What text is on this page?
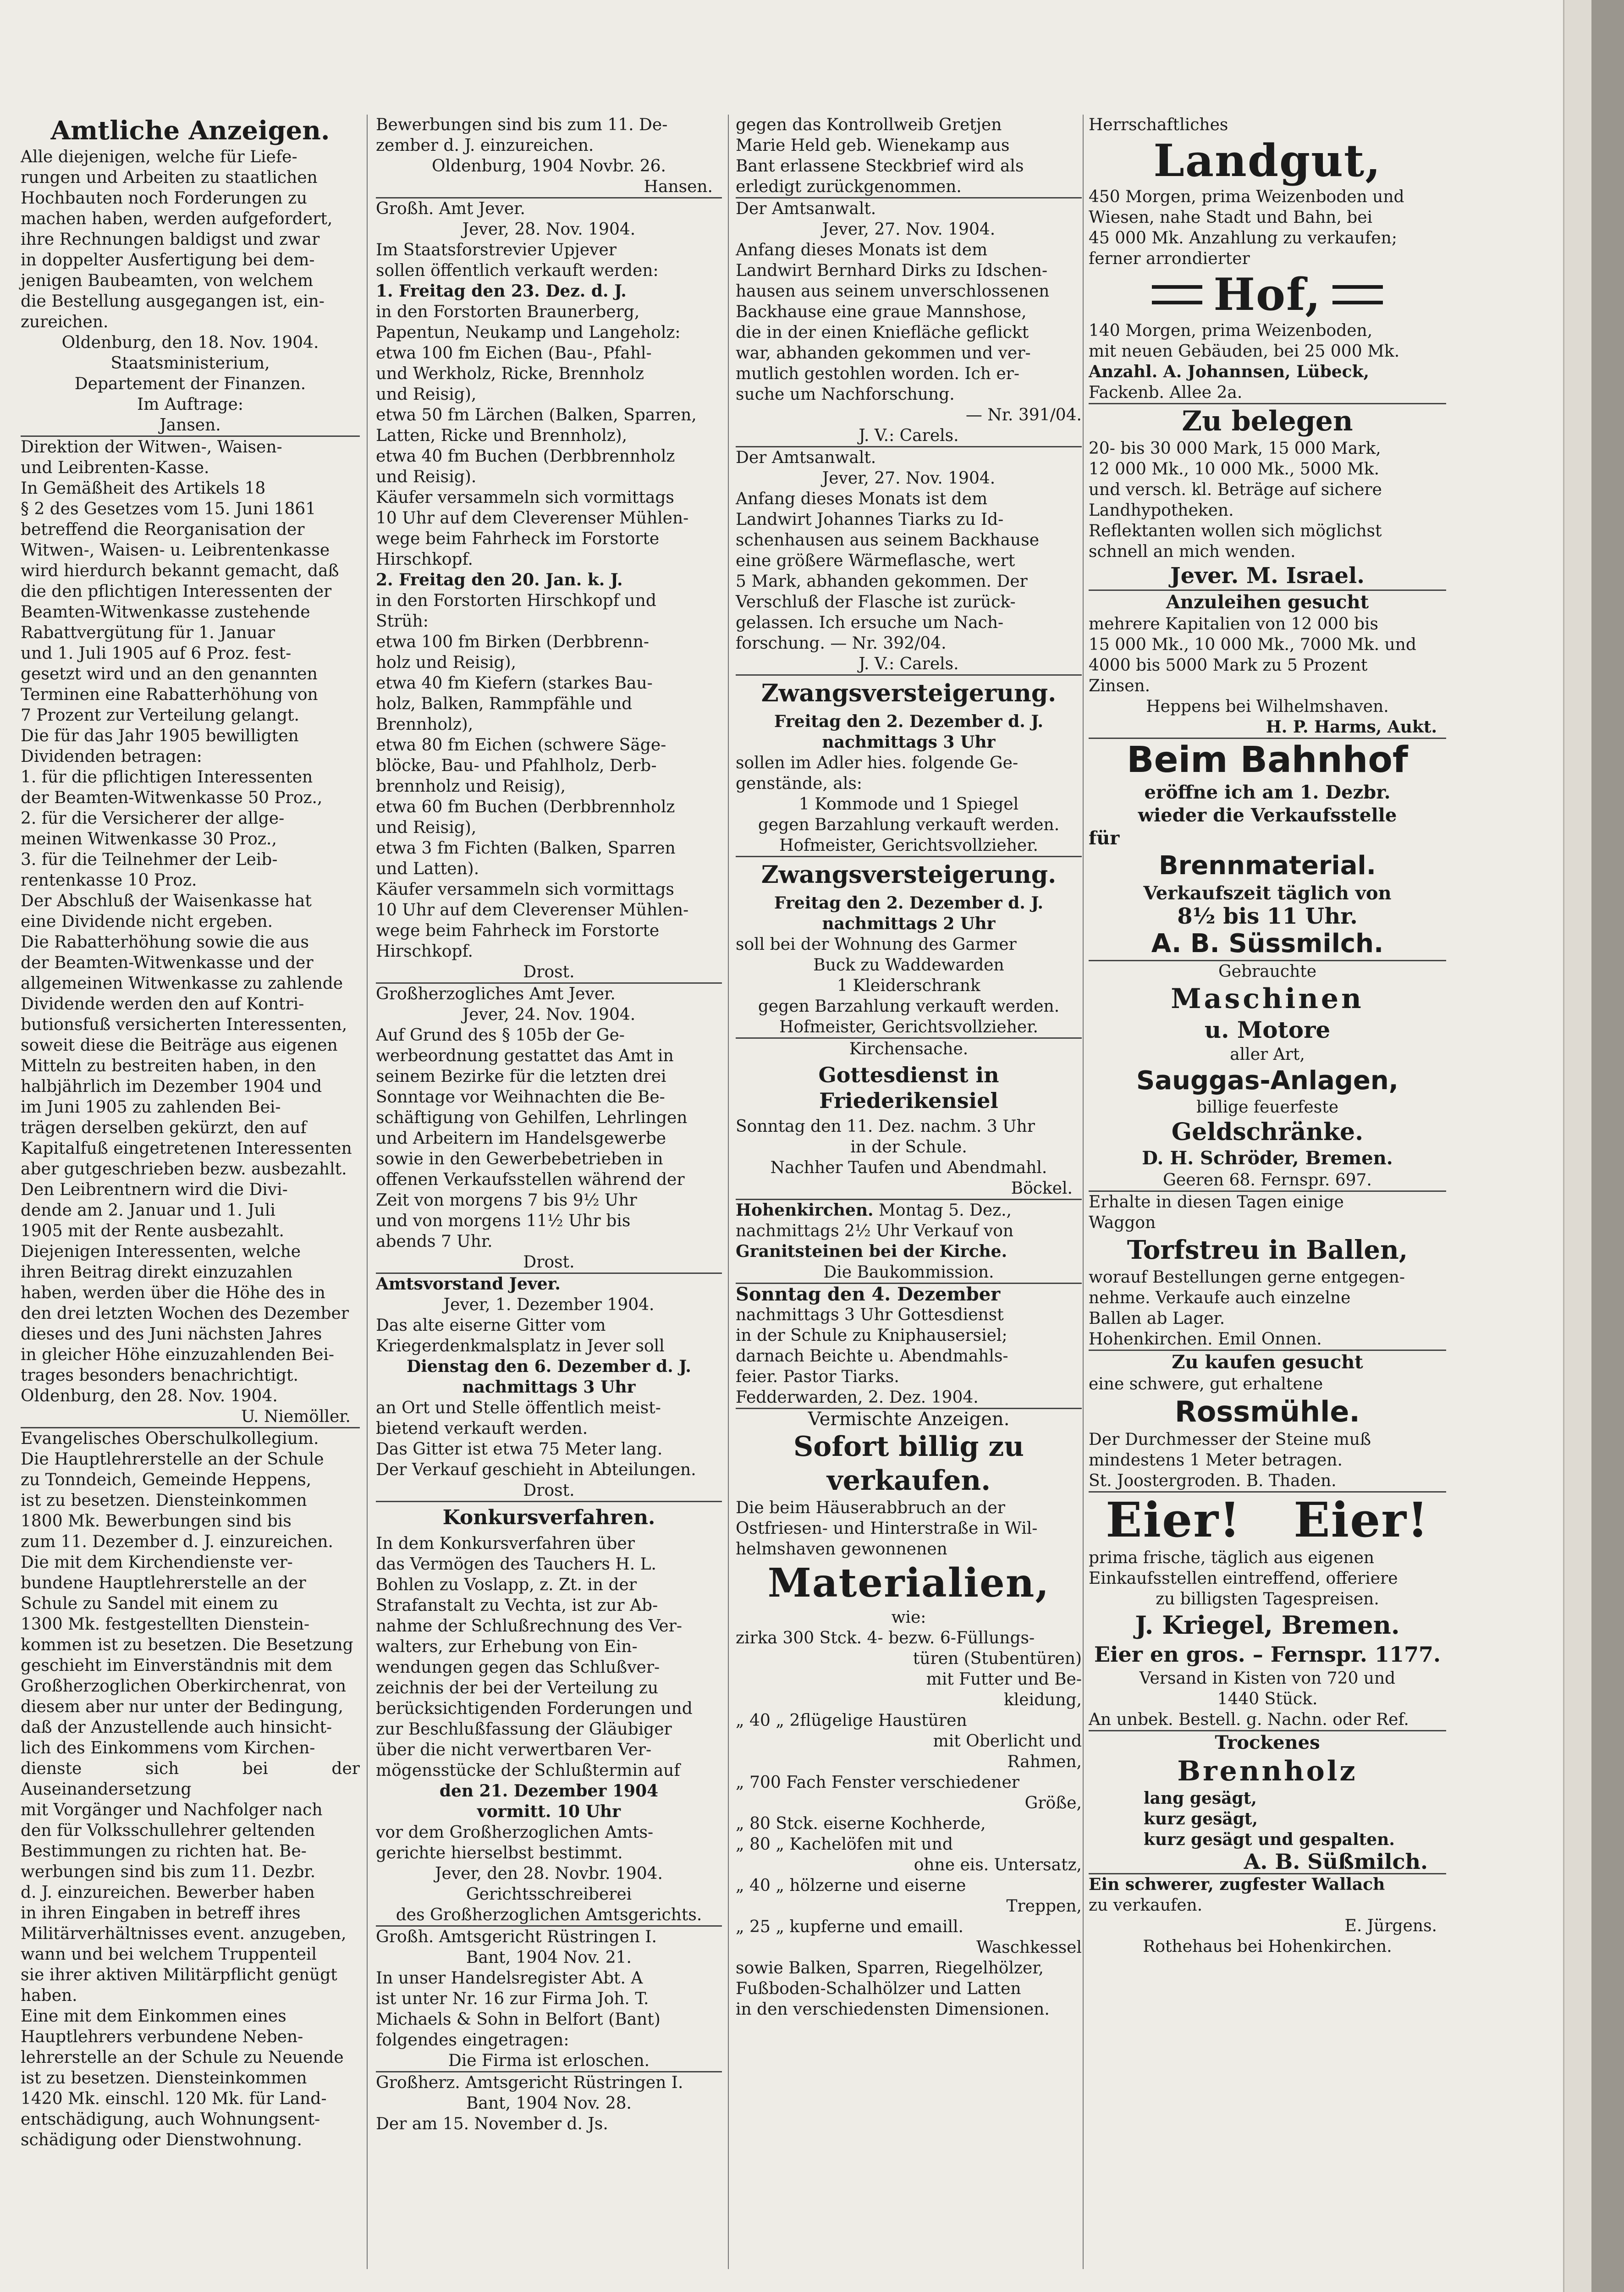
Amtliche Anzeigen.
Alle diejenigen, welche für Liefe-
rungen und Arbeiten zu staatlichen
Hochbauten noch Forderungen zu
machen haben, werden aufgefordert,
ihre Rechnungen baldigst und zwar
in doppelter Ausfertigung bei dem-
jenigen Baubeamten, von welchem
die Bestellung ausgegangen ist, ein-
zureichen.
Oldenburg, den 18. Nov. 1904.
Staatsministerium,
Departement der Finanzen.
Im Auftrage:
Jansen.
Direktion der Witwen-, Waisen-
und Leibrenten-Kasse.
In Gemäßheit des Artikels 18
§ 2 des Gesetzes vom 15. Juni 1861
betreffend die Reorganisation der
Witwen-, Waisen- u. Leibrentenkasse
wird hierdurch bekannt gemacht, daß
die den pflichtigen Interessenten der
Beamten-Witwenkasse zustehende
Rabattvergütung für 1. Januar
und 1. Juli 1905 auf 6 Proz. fest-
gesetzt wird und an den genannten
Terminen eine Rabatterhöhung von
7 Prozent zur Verteilung gelangt.
Die für das Jahr 1905 bewilligten
Dividenden betragen:
1. für die pflichtigen Interessenten
der Beamten-Witwenkasse 50 Proz.,
2. für die Versicherer der allge-
meinen Witwenkasse 30 Proz.,
3. für die Teilnehmer der Leib-
rentenkasse 10 Proz.
Der Abschluß der Waisenkasse hat
eine Dividende nicht ergeben.
Die Rabatterhöhung sowie die aus
der Beamten-Witwenkasse und der
allgemeinen Witwenkasse zu zahlende
Dividende werden den auf Kontri-
butionsfuß versicherten Interessenten,
soweit diese die Beiträge aus eigenen
Mitteln zu bestreiten haben, in den
halbjährlich im Dezember 1904 und
im Juni 1905 zu zahlenden Bei-
trägen derselben gekürzt, den auf
Kapitalfuß eingetretenen Interessenten
aber gutgeschrieben bezw. ausbezahlt.
Den Leibrentnern wird die Divi-
dende am 2. Januar und 1. Juli
1905 mit der Rente ausbezahlt.
Diejenigen Interessenten, welche
ihren Beitrag direkt einzuzahlen
haben, werden über die Höhe des in
den drei letzten Wochen des Dezember
dieses und des Juni nächsten Jahres
in gleicher Höhe einzuzahlenden Bei-
trages besonders benachrichtigt.
Oldenburg, den 28. Nov. 1904.
U. Niemöller.
Evangelisches Oberschulkollegium.
Die Hauptlehrerstelle an der Schule
zu Tonndeich, Gemeinde Heppens,
ist zu besetzen. Diensteinkommen
1800 Mk. Bewerbungen sind bis
zum 11. Dezember d. J. einzureichen.
Die mit dem Kirchendienste ver-
bundene Hauptlehrerstelle an der
Schule zu Sandel mit einem zu
1300 Mk. festgestellten Dienstein-
kommen ist zu besetzen. Die Besetzung
geschieht im Einverständnis mit dem
Großherzoglichen Oberkirchenrat, von
diesem aber nur unter der Bedingung,
daß der Anzustellende auch hinsicht-
lich des Einkommens vom Kirchen-
dienste sich bei der Auseinandersetzung
mit Vorgänger und Nachfolger nach
den für Volksschullehrer geltenden
Bestimmungen zu richten hat. Be-
werbungen sind bis zum 11. Dezbr.
d. J. einzureichen. Bewerber haben
in ihren Eingaben in betreff ihres
Militärverhältnisses event. anzugeben,
wann und bei welchem Truppenteil
sie ihrer aktiven Militärpflicht genügt
haben.
Eine mit dem Einkommen eines
Hauptlehrers verbundene Neben-
lehrerstelle an der Schule zu Neuende
ist zu besetzen. Diensteinkommen
1420 Mk. einschl. 120 Mk. für Land-
entschädigung, auch Wohnungsent-
schädigung oder Dienstwohnung.
Bewerbungen sind bis zum 11. De-
zember d. J. einzureichen.
Oldenburg, 1904 Novbr. 26.
Hansen.
Großh. Amt Jever.
Jever, 28. Nov. 1904.
Im Staatsforstrevier Upjever
sollen öffentlich verkauft werden:
1. Freitag den 23. Dez. d. J.
in den Forstorten Braunerberg,
Papentun, Neukamp und Langeholz:
etwa 100 fm Eichen (Bau-, Pfahl-
und Werkholz, Ricke, Brennholz
und Reisig),
etwa 50 fm Lärchen (Balken, Sparren,
Latten, Ricke und Brennholz),
etwa 40 fm Buchen (Derbbrennholz
und Reisig).
Käufer versammeln sich vormittags
10 Uhr auf dem Cleverenser Mühlen-
wege beim Fahrheck im Forstorte
Hirschkopf.
2. Freitag den 20. Jan. k. J.
in den Forstorten Hirschkopf und
Strüh:
etwa 100 fm Birken (Derbbrenn-
holz und Reisig),
etwa 40 fm Kiefern (starkes Bau-
holz, Balken, Rammpfähle und
Brennholz),
etwa 80 fm Eichen (schwere Säge-
blöcke, Bau- und Pfahlholz, Derb-
brennholz und Reisig),
etwa 60 fm Buchen (Derbbrennholz
und Reisig),
etwa 3 fm Fichten (Balken, Sparren
und Latten).
Käufer versammeln sich vormittags
10 Uhr auf dem Cleverenser Mühlen-
wege beim Fahrheck im Forstorte
Hirschkopf.
Drost.
Großherzogliches Amt Jever.
Jever, 24. Nov. 1904.
Auf Grund des § 105b der Ge-
werbeordnung gestattet das Amt in
seinem Bezirke für die letzten drei
Sonntage vor Weihnachten die Be-
schäftigung von Gehilfen, Lehrlingen
und Arbeitern im Handelsgewerbe
sowie in den Gewerbebetrieben in
offenen Verkaufsstellen während der
Zeit von morgens 7 bis 9½ Uhr
und von morgens 11½ Uhr bis
abends 7 Uhr.
Drost.
Amtsvorstand Jever.
Jever, 1. Dezember 1904.
Das alte eiserne Gitter vom
Kriegerdenkmalsplatz in Jever soll
Dienstag den 6. Dezember d. J. nachmittags 3 Uhr
an Ort und Stelle öffentlich meist-
bietend verkauft werden.
Das Gitter ist etwa 75 Meter lang.
Der Verkauf geschieht in Abteilungen.
Drost.
Konkursverfahren.
In dem Konkursverfahren über
das Vermögen des Tauchers H. L.
Bohlen zu Voslapp, z. Zt. in der
Strafanstalt zu Vechta, ist zur Ab-
nahme der Schlußrechnung des Ver-
walters, zur Erhebung von Ein-
wendungen gegen das Schlußver-
zeichnis der bei der Verteilung zu
berücksichtigenden Forderungen und
zur Beschlußfassung der Gläubiger
über die nicht verwertbaren Ver-
mögensstücke der Schlußtermin auf
den 21. Dezember 1904
vormitt. 10 Uhr
vor dem Großherzoglichen Amts-
gerichte hierselbst bestimmt.
Jever, den 28. Novbr. 1904.
Gerichtsschreiberei
des Großherzoglichen Amtsgerichts.
Großh. Amtsgericht Rüstringen I.
Bant, 1904 Nov. 21.
In unser Handelsregister Abt. A
ist unter Nr. 16 zur Firma Joh. T.
Michaels & Sohn in Belfort (Bant)
folgendes eingetragen:
Die Firma ist erloschen.
Großherz. Amtsgericht Rüstringen I.
Bant, 1904 Nov. 28.
Der am 15. November d. Js.
gegen das Kontrollweib Gretjen
Marie Held geb. Wienekamp aus
Bant erlassene Steckbrief wird als
erledigt zurückgenommen.
Der Amtsanwalt.
Jever, 27. Nov. 1904.
Anfang dieses Monats ist dem
Landwirt Bernhard Dirks zu Idschen-
hausen aus seinem unverschlossenen
Backhause eine graue Mannshose,
die in der einen Kniefläche geflickt
war, abhanden gekommen und ver-
mutlich gestohlen worden. Ich er-
suche um Nachforschung.
— Nr. 391/04.
J. V.: Carels.
Der Amtsanwalt.
Jever, 27. Nov. 1904.
Anfang dieses Monats ist dem
Landwirt Johannes Tiarks zu Id-
schenhausen aus seinem Backhause
eine größere Wärmeflasche, wert
5 Mark, abhanden gekommen. Der
Verschluß der Flasche ist zurück-
gelassen. Ich ersuche um Nach-
forschung. — Nr. 392/04.
J. V.: Carels.
Zwangsversteigerung.
Freitag den 2. Dezember d. J. nachmittags 3 Uhr
sollen im Adler hies. folgende Ge-
genstände, als:
1 Kommode und 1 Spiegel
gegen Barzahlung verkauft werden.
Hofmeister, Gerichtsvollzieher.
Zwangsversteigerung.
Freitag den 2. Dezember d. J. nachmittags 2 Uhr
soll bei der Wohnung des Garmer
Buck zu Waddewarden
1 Kleiderschrank
gegen Barzahlung verkauft werden.
Hofmeister, Gerichtsvollzieher.
Kirchensache.
Gottesdienst in Friederikensiel
Sonntag den 11. Dez. nachm. 3 Uhr
in der Schule.
Nachher Taufen und Abendmahl.
Böckel.
Hohenkirchen. Montag 5. Dez.,
nachmittags 2½ Uhr Verkauf von
Granitsteinen bei der Kirche.
Die Baukommission.
Sonntag den 4. Dezember
nachmittags 3 Uhr Gottesdienst
in der Schule zu Kniphausersiel;
darnach Beichte u. Abendmahls-
feier. Pastor Tiarks.
Fedderwarden, 2. Dez. 1904.
Vermischte Anzeigen.
Sofort billig zu
verkaufen.
Die beim Häuserabbruch an der
Ostfriesen- und Hinterstraße in Wil-
helmshaven gewonnenen
Materialien,
wie:
zirka 300 Stck. 4- bezw. 6-Füllungs-
türen (Stubentüren)
mit Futter und Be-
kleidung,
„ 40 „ 2flügelige Haustüren
mit Oberlicht und
Rahmen,
„ 700 Fach Fenster verschiedener
Größe,
„ 80 Stck. eiserne Kochherde,
„ 80 „ Kachelöfen mit und
ohne eis. Untersatz,
„ 40 „ hölzerne und eiserne
Treppen,
„ 25 „ kupferne und emaill.
Waschkessel
sowie Balken, Sparren, Riegelhölzer,
Fußboden-Schalhölzer und Latten
in den verschiedensten Dimensionen.
Herrschaftliches
Landgut,
450 Morgen, prima Weizenboden und
Wiesen, nahe Stadt und Bahn, bei
45 000 Mk. Anzahlung zu verkaufen;
ferner arrondierter
Hof,
140 Morgen, prima Weizenboden,
mit neuen Gebäuden, bei 25 000 Mk.
Anzahl. A. Johannsen, Lübeck,
Fackenb. Allee 2a.
Zu belegen
20- bis 30 000 Mark, 15 000 Mark,
12 000 Mk., 10 000 Mk., 5000 Mk.
und versch. kl. Beträge auf sichere
Landhypotheken.
Reflektanten wollen sich möglichst
schnell an mich wenden.
Jever. M. Israel.
Anzuleihen gesucht
mehrere Kapitalien von 12 000 bis
15 000 Mk., 10 000 Mk., 7000 Mk. und
4000 bis 5000 Mark zu 5 Prozent
Zinsen.
Heppens bei Wilhelmshaven.
H. P. Harms, Aukt.
Beim Bahnhof
eröffne ich am 1. Dezbr.
wieder die Verkaufsstelle
für
Brennmaterial.
Verkaufszeit täglich von
8½ bis 11 Uhr.
A. B. Süssmilch.
Gebrauchte
Maschinen
u. Motore
aller Art,
Sauggas-Anlagen,
billige feuerfeste
Geldschränke.
D. H. Schröder, Bremen.
Geeren 68. Fernspr. 697.
Erhalte in diesen Tagen einige
Waggon
Torfstreu in Ballen,
worauf Bestellungen gerne entgegen-
nehme. Verkaufe auch einzelne
Ballen ab Lager.
Hohenkirchen. Emil Onnen.
Zu kaufen gesucht
eine schwere, gut erhaltene
Rossmühle.
Der Durchmesser der Steine muß
mindestens 1 Meter betragen.
St. Joostergroden. B. Thaden.
Eier!   Eier!
prima frische, täglich aus eigenen
Einkaufsstellen eintreffend, offeriere
zu billigsten Tagespreisen.
J. Kriegel, Bremen.
Eier en gros. – Fernspr. 1177.
Versand in Kisten von 720 und
1440 Stück.
An unbek. Bestell. g. Nachn. oder Ref.
Trockenes
Brennholz
lang gesägt,
kurz gesägt,
kurz gesägt und gespalten.
A. B. Süßmilch.
Ein schwerer, zugfester Wallach
zu verkaufen.
E. Jürgens.
Rothehaus bei Hohenkirchen.
